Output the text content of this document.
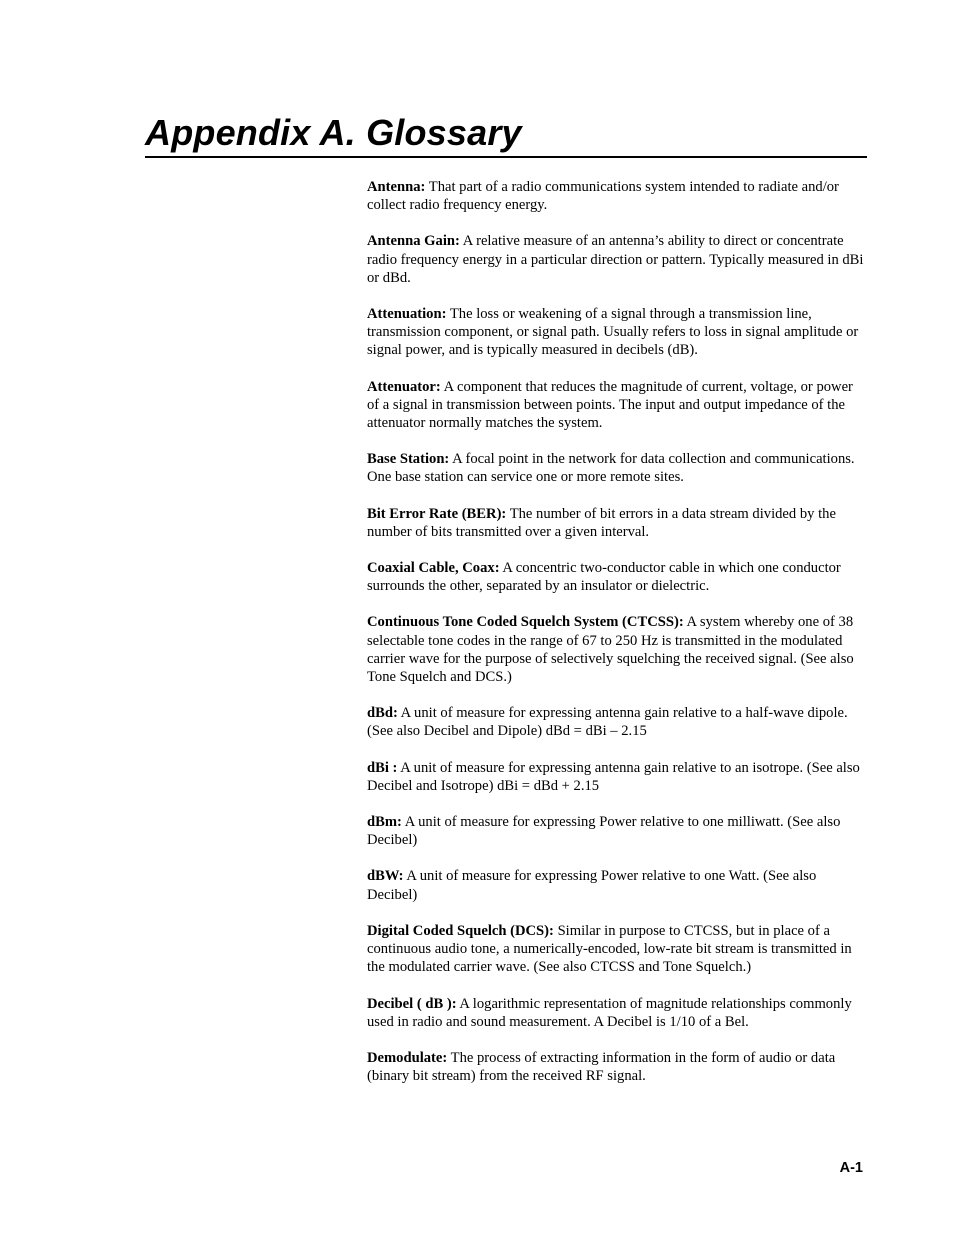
Appendix A. Glossary
Antenna: That part of a radio communications system intended to radiate and/or collect radio frequency energy.
Antenna Gain: A relative measure of an antenna’s ability to direct or concentrate radio frequency energy in a particular direction or pattern. Typically measured in dBi or dBd.
Attenuation: The loss or weakening of a signal through a transmission line, transmission component, or signal path. Usually refers to loss in signal amplitude or signal power, and is typically measured in decibels (dB).
Attenuator: A component that reduces the magnitude of current, voltage, or power of a signal in transmission between points. The input and output impedance of the attenuator normally matches the system.
Base Station: A focal point in the network for data collection and communications. One base station can service one or more remote sites.
Bit Error Rate (BER): The number of bit errors in a data stream divided by the number of bits transmitted over a given interval.
Coaxial Cable, Coax: A concentric two-conductor cable in which one conductor surrounds the other, separated by an insulator or dielectric.
Continuous Tone Coded Squelch System (CTCSS): A system whereby one of 38 selectable tone codes in the range of 67 to 250 Hz is transmitted in the modulated carrier wave for the purpose of selectively squelching the received signal. (See also Tone Squelch and DCS.)
dBd: A unit of measure for expressing antenna gain relative to a half-wave dipole. (See also Decibel and Dipole) dBd = dBi – 2.15
dBi : A unit of measure for expressing antenna gain relative to an isotrope. (See also Decibel and Isotrope) dBi = dBd + 2.15
dBm: A unit of measure for expressing Power relative to one milliwatt. (See also Decibel)
dBW: A unit of measure for expressing Power relative to one Watt. (See also Decibel)
Digital Coded Squelch (DCS): Similar in purpose to CTCSS, but in place of a continuous audio tone, a numerically-encoded, low-rate bit stream is transmitted in the modulated carrier wave. (See also CTCSS and Tone Squelch.)
Decibel ( dB ): A logarithmic representation of magnitude relationships commonly used in radio and sound measurement. A Decibel is 1/10 of a Bel.
Demodulate: The process of extracting information in the form of audio or data (binary bit stream) from the received RF signal.
A-1
